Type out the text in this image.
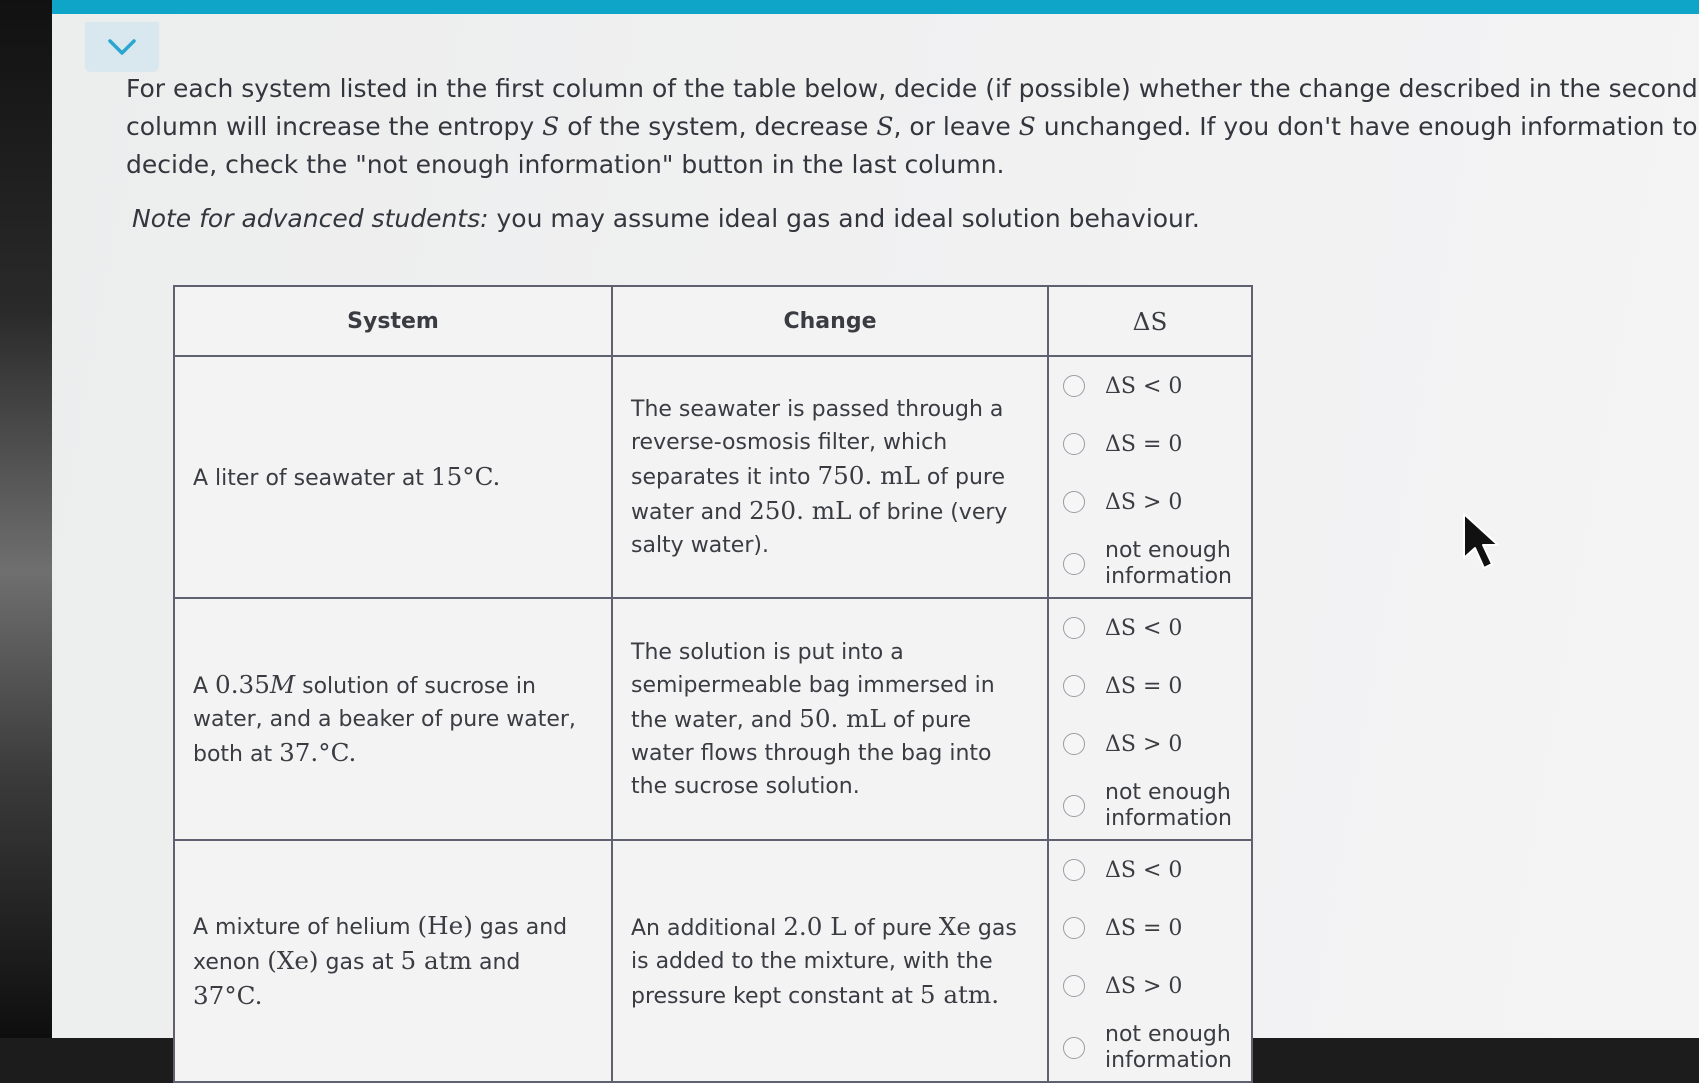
For each system listed in the first column of the table below, decide (if possible) whether the change described in the second column will increase the entropy S of the system, decrease S, or leave S unchanged. If you don't have enough information to decide, check the "not enough information" button in the last column.

Note for advanced students: you may assume ideal gas and ideal solution behaviour.
System	Change	ΔS
A liter of seawater at 15°C.	The seawater is passed through a reverse-osmosis filter, which separates it into 750. mL of pure water and 250. mL of brine (very salty water).	ΔS < 0
ΔS = 0
ΔS > 0
not enough information

A 0.35M solution of sucrose in water, and a beaker of pure water, both at 37.°C.	The solution is put into a semipermeable bag immersed in the water, and 50. mL of pure water flows through the bag into the sucrose solution.	ΔS < 0
ΔS = 0
ΔS > 0
not enough information

A mixture of helium (He) gas and xenon (Xe) gas at 5 atm and 37°C.	An additional 2.0 L of pure Xe gas is added to the mixture, with the pressure kept constant at 5 atm.	ΔS < 0
ΔS = 0
ΔS > 0
not enough information
